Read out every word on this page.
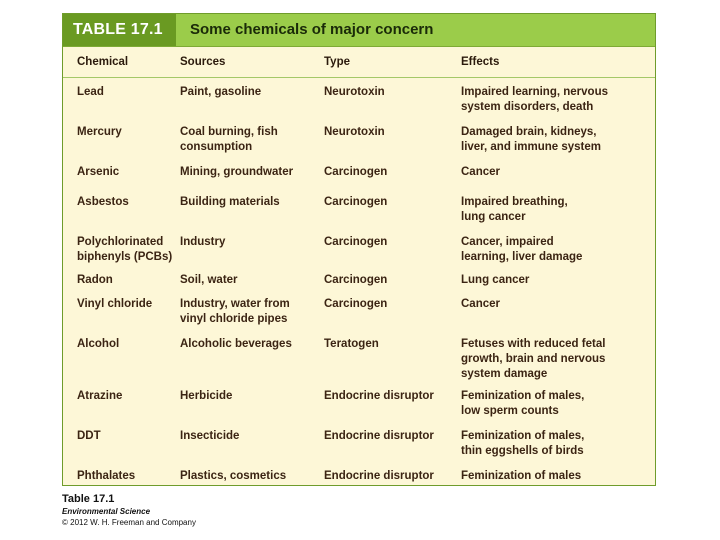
TABLE 17.1	Some chemicals of major concern
Chemical	Sources	Type	Effects
Lead	Paint, gasoline	Neurotoxin	Impaired learning, nervous
system disorders, death
Mercury	Coal burning, fish
consumption	Neurotoxin	Damaged brain, kidneys,
liver, and immune system
Arsenic	Mining, groundwater	Carcinogen	Cancer
Asbestos	Building materials	Carcinogen	Impaired breathing,
lung cancer
Polychlorinated
biphenyls (PCBs)	Industry	Carcinogen	Cancer, impaired
learning, liver damage
Radon	Soil, water	Carcinogen	Lung cancer
Vinyl chloride	Industry, water from
vinyl chloride pipes	Carcinogen	Cancer
Alcohol	Alcoholic beverages	Teratogen	Fetuses with reduced fetal
growth, brain and nervous
system damage
Atrazine	Herbicide	Endocrine disruptor	Feminization of males,
low sperm counts
DDT	Insecticide	Endocrine disruptor	Feminization of males,
thin eggshells of birds
Phthalates	Plastics, cosmetics	Endocrine disruptor	Feminization of males
Table 17.1
Environmental Science
© 2012 W. H. Freeman and Company
